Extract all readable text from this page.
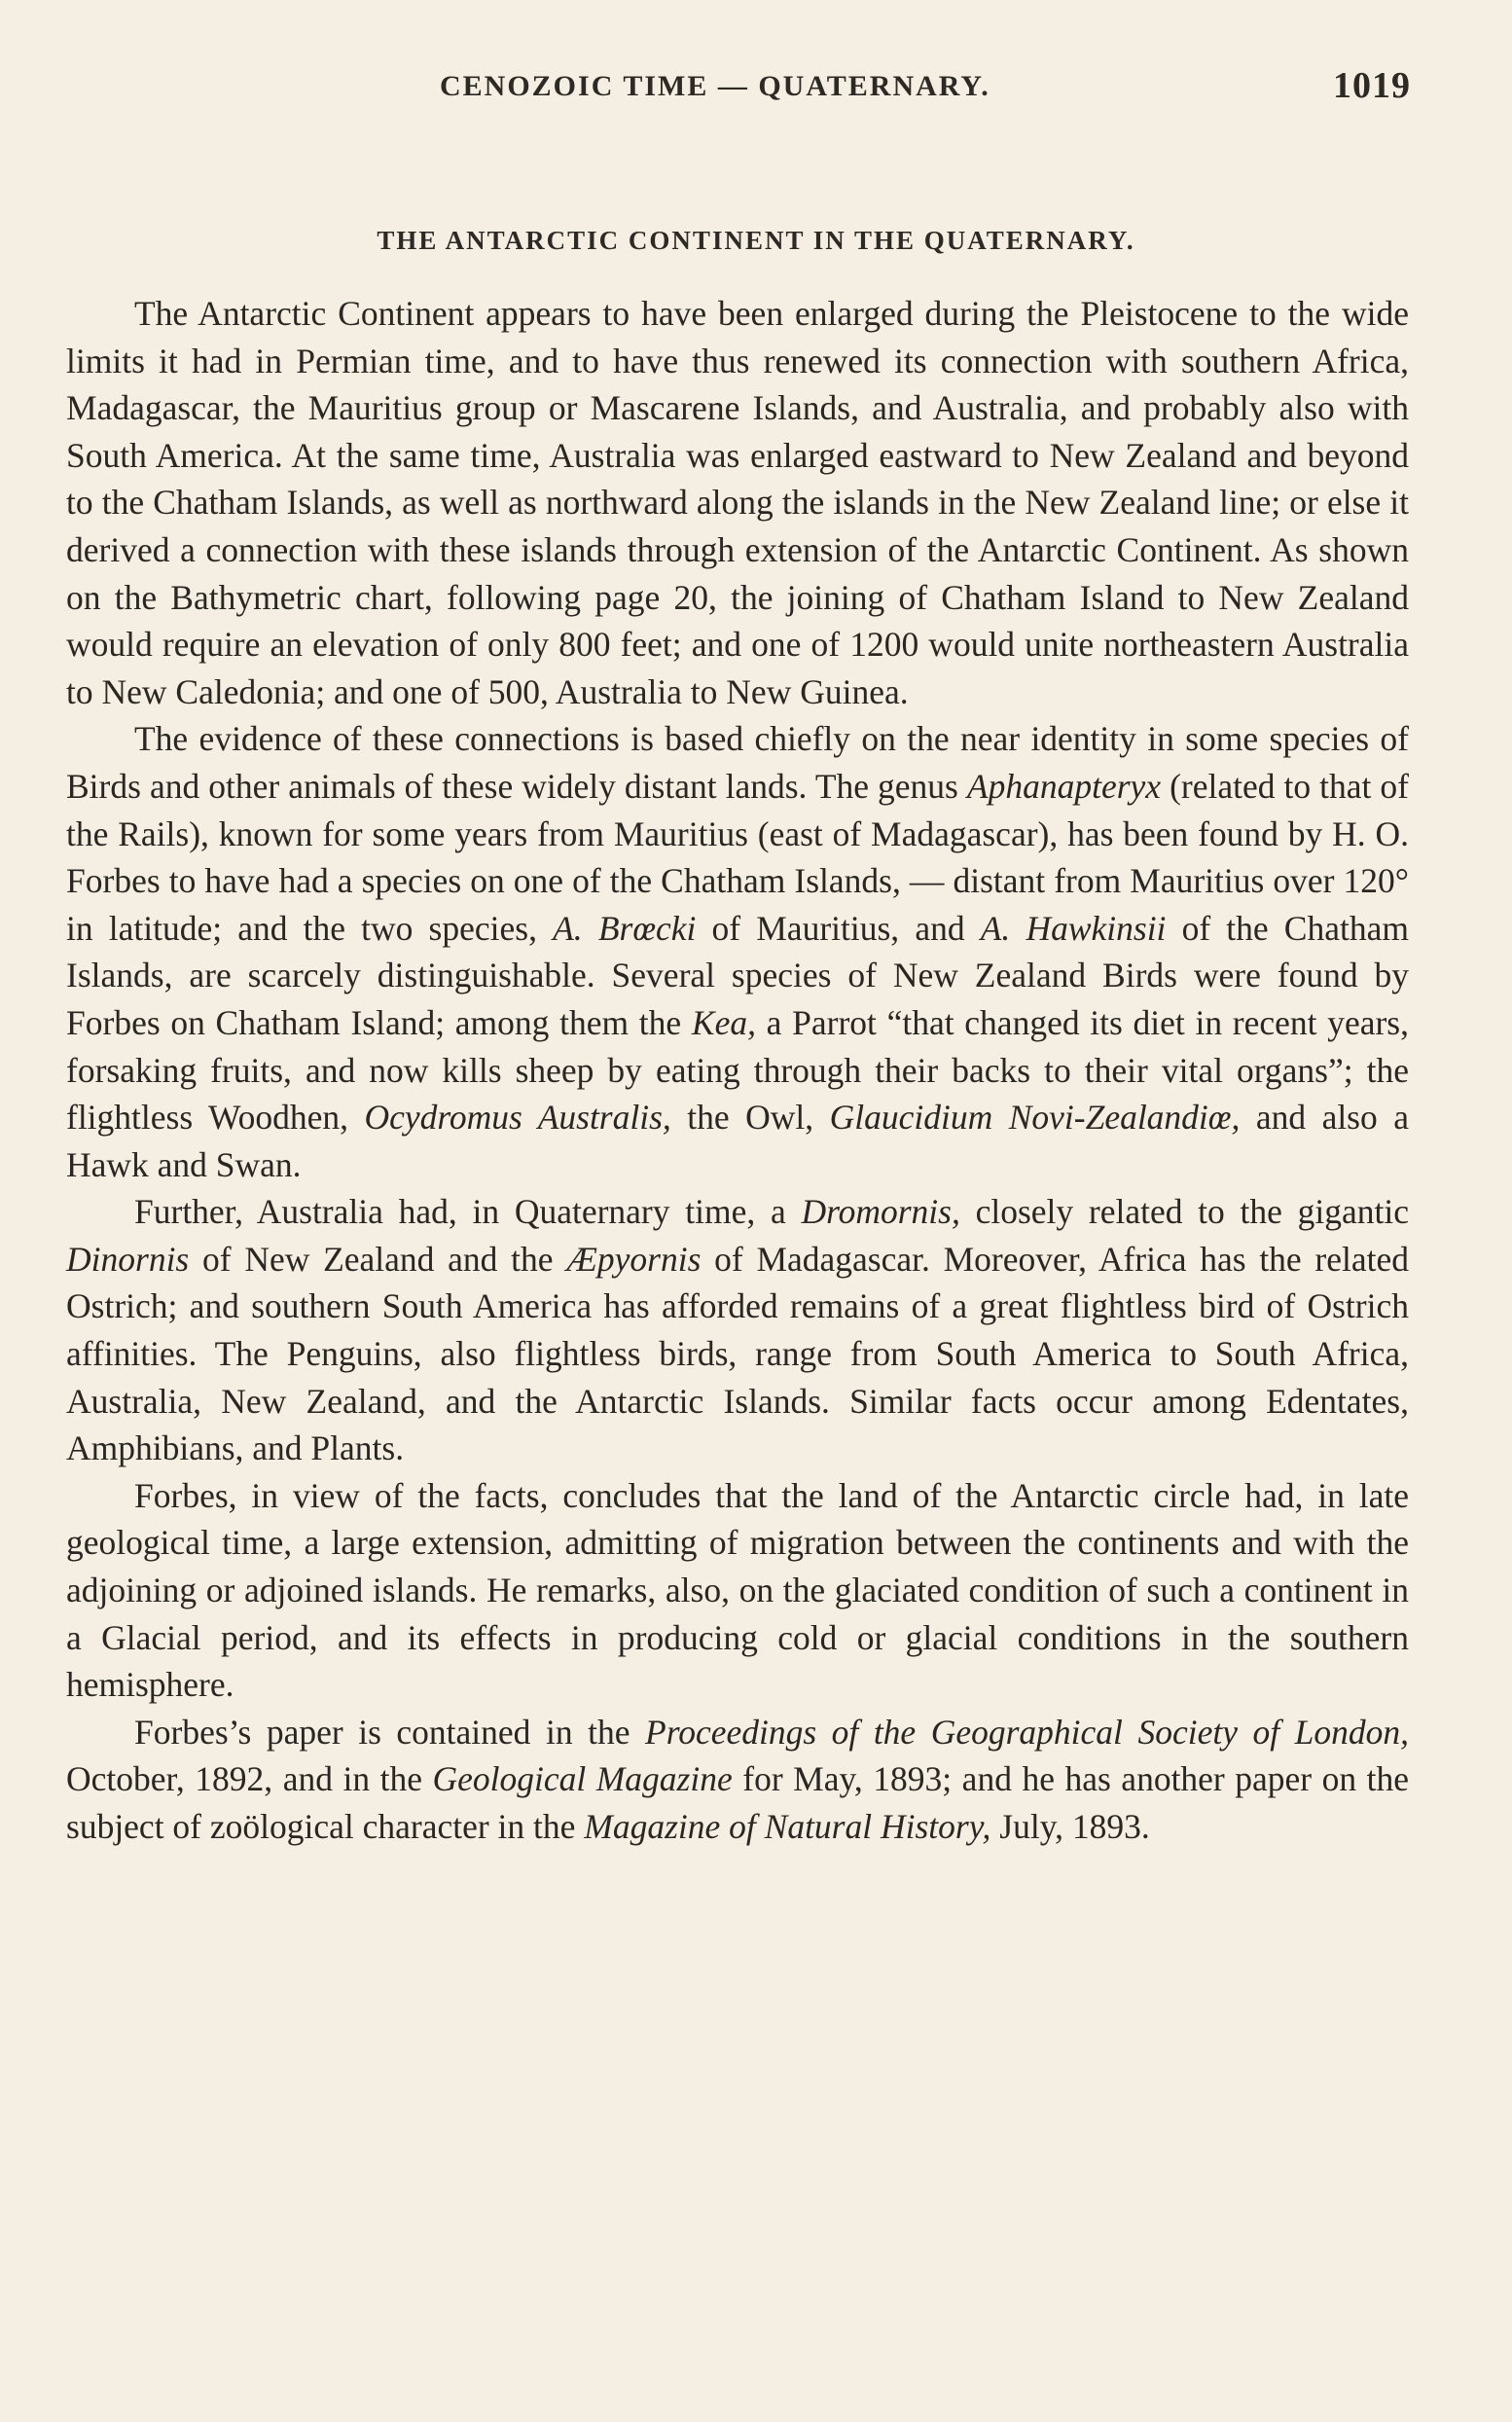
CENOZOIC TIME — QUATERNARY.	1019
THE ANTARCTIC CONTINENT IN THE QUATERNARY.

The Antarctic Continent appears to have been enlarged during the Pleistocene to the wide limits it had in Permian time, and to have thus renewed its connection with southern Africa, Madagascar, the Mauritius group or Mascarene Islands, and Australia, and probably also with South America. At the same time, Australia was enlarged eastward to New Zealand and beyond to the Chatham Islands, as well as northward along the islands in the New Zealand line; or else it derived a connection with these islands through extension of the Antarctic Continent. As shown on the Bathymetric chart, following page 20, the joining of Chatham Island to New Zealand would require an elevation of only 800 feet; and one of 1200 would unite northeastern Australia to New Caledonia; and one of 500, Australia to New Guinea.

The evidence of these connections is based chiefly on the near identity in some species of Birds and other animals of these widely distant lands. The genus Aphanapteryx (related to that of the Rails), known for some years from Mauritius (east of Madagascar), has been found by H. O. Forbes to have had a species on one of the Chatham Islands, — distant from Mauritius over 120° in latitude; and the two species, A. Brœcki of Mauritius, and A. Hawkinsii of the Chatham Islands, are scarcely distinguishable. Several species of New Zealand Birds were found by Forbes on Chatham Island; among them the Kea, a Parrot “that changed its diet in recent years, forsaking fruits, and now kills sheep by eating through their backs to their vital organs”; the flightless Woodhen, Ocydromus Australis, the Owl, Glaucidium Novi-Zealandiœ, and also a Hawk and Swan.

Further, Australia had, in Quaternary time, a Dromornis, closely related to the gigantic Dinornis of New Zealand and the Æpyornis of Madagascar. Moreover, Africa has the related Ostrich; and southern South America has afforded remains of a great flightless bird of Ostrich affinities. The Penguins, also flightless birds, range from South America to South Africa, Australia, New Zealand, and the Antarctic Islands. Similar facts occur among Edentates, Amphibians, and Plants.

Forbes, in view of the facts, concludes that the land of the Antarctic circle had, in late geological time, a large extension, admitting of migration between the continents and with the adjoining or adjoined islands. He remarks, also, on the glaciated condition of such a continent in a Glacial period, and its effects in producing cold or glacial conditions in the southern hemisphere.

Forbes’s paper is contained in the Proceedings of the Geographical Society of London, October, 1892, and in the Geological Magazine for May, 1893; and he has another paper on the subject of zoölogical character in the Magazine of Natural History, July, 1893.
